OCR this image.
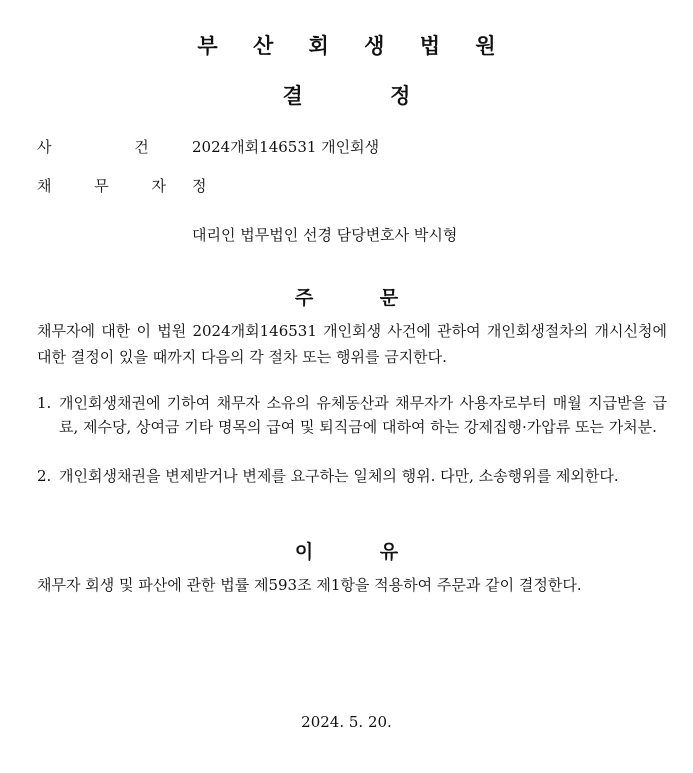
부 산 회 생 법 원
결 정
사 건 2024개회146531 개인회생
채 무 자 정
대리인 법무법인 선경 담당변호사 박시형
주 문
채무자에 대한 이 법원 2024개회146531 개인회생 사건에 관하여 개인회생절차의 개시신청에 대한 결정이 있을 때까지 다음의 각 절차 또는 행위를 금지한다.
1. 개인회생채권에 기하여 채무자 소유의 유체동산과 채무자가 사용자로부터 매월 지급받을 급료, 제수당, 상여금 기타 명목의 급여 및 퇴직금에 대하여 하는 강제집행·가압류 또는 가처분.
2. 개인회생채권을 변제받거나 변제를 요구하는 일체의 행위. 다만, 소송행위를 제외한다.
이 유
채무자 회생 및 파산에 관한 법률 제593조 제1항을 적용하여 주문과 같이 결정한다.
2024. 5. 20.
